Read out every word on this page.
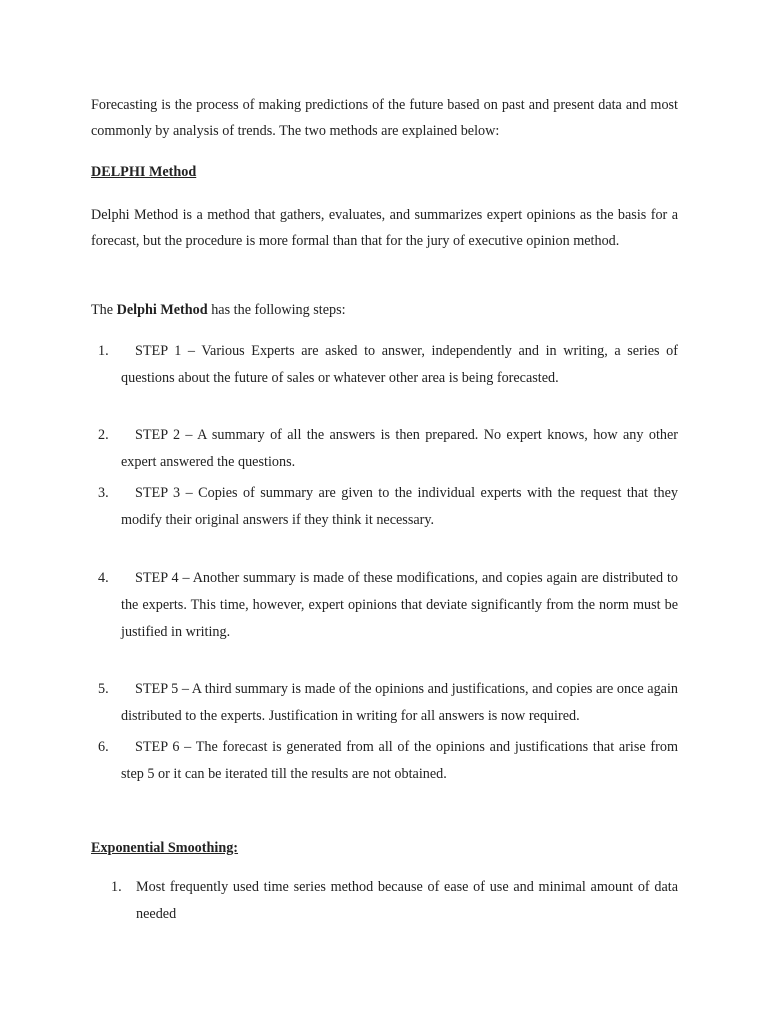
Forecasting is the process of making predictions of the future based on past and present data and most commonly by analysis of trends. The two methods are explained below:

DELPHI Method

Delphi Method is a method that gathers, evaluates, and summarizes expert opinions as the basis for a forecast, but the procedure is more formal than that for the jury of executive opinion method.

The Delphi Method has the following steps:

1.	STEP 1 – Various Experts are asked to answer, independently and in writing, a series of questions about the future of sales or whatever other area is being forecasted.
2.	STEP 2 – A summary of all the answers is then prepared. No expert knows, how any other expert answered the questions.
3.	STEP 3 – Copies of summary are given to the individual experts with the request that they modify their original answers if they think it necessary.
4.	STEP 4 – Another summary is made of these modifications, and copies again are distributed to the experts. This time, however, expert opinions that deviate significantly from the norm must be justified in writing.
5.	STEP 5 – A third summary is made of the opinions and justifications, and copies are once again distributed to the experts. Justification in writing for all answers is now required.
6.	STEP 6 – The forecast is generated from all of the opinions and justifications that arise from step 5 or it can be iterated till the results are not obtained.

Exponential Smoothing:

1. Most frequently used time series method because of ease of use and minimal amount of data needed
